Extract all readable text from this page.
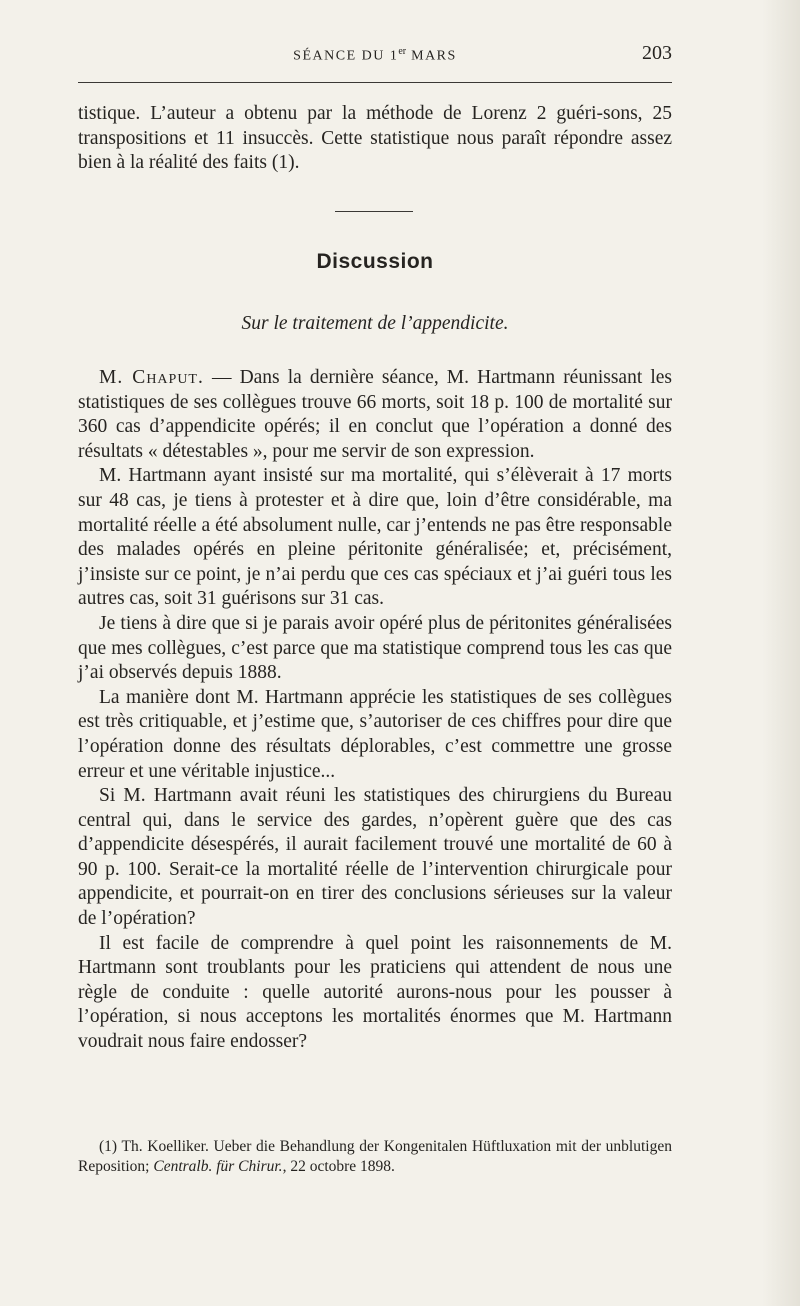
SÉANCE DU 1er MARS	203

tistique. L’auteur a obtenu par la méthode de Lorenz 2 guéri-sons, 25 transpositions et 11 insuccès. Cette statistique nous paraît répondre assez bien à la réalité des faits (1).

Discussion
Sur le traitement de l’appendicite.

M. Chaput. — Dans la dernière séance, M. Hartmann réunissant les statistiques de ses collègues trouve 66 morts, soit 18 p. 100 de mortalité sur 360 cas d’appendicite opérés; il en conclut que l’opération a donné des résultats « détestables », pour me servir de son expression.

M. Hartmann ayant insisté sur ma mortalité, qui s’élèverait à 17 morts sur 48 cas, je tiens à protester et à dire que, loin d’être considérable, ma mortalité réelle a été absolument nulle, car j’entends ne pas être responsable des malades opérés en pleine péritonite généralisée; et, précisément, j’insiste sur ce point, je n’ai perdu que ces cas spéciaux et j’ai guéri tous les autres cas, soit 31 guérisons sur 31 cas.

Je tiens à dire que si je parais avoir opéré plus de péritonites généralisées que mes collègues, c’est parce que ma statistique comprend tous les cas que j’ai observés depuis 1888.

La manière dont M. Hartmann apprécie les statistiques de ses collègues est très critiquable, et j’estime que, s’autoriser de ces chiffres pour dire que l’opération donne des résultats déplorables, c’est commettre une grosse erreur et une véritable injustice...

Si M. Hartmann avait réuni les statistiques des chirurgiens du Bureau central qui, dans le service des gardes, n’opèrent guère que des cas d’appendicite désespérés, il aurait facilement trouvé une mortalité de 60 à 90 p. 100. Serait-ce la mortalité réelle de l’intervention chirurgicale pour appendicite, et pourrait-on en tirer des conclusions sérieuses sur la valeur de l’opération?

Il est facile de comprendre à quel point les raisonnements de M. Hartmann sont troublants pour les praticiens qui attendent de nous une règle de conduite : quelle autorité aurons-nous pour les pousser à l’opération, si nous acceptons les mortalités énormes que M. Hartmann voudrait nous faire endosser?

(1) Th. Koelliker. Ueber die Behandlung der Kongenitalen Hüftluxation mit der unblutigen Reposition; Centralb. für Chirur., 22 octobre 1898.
